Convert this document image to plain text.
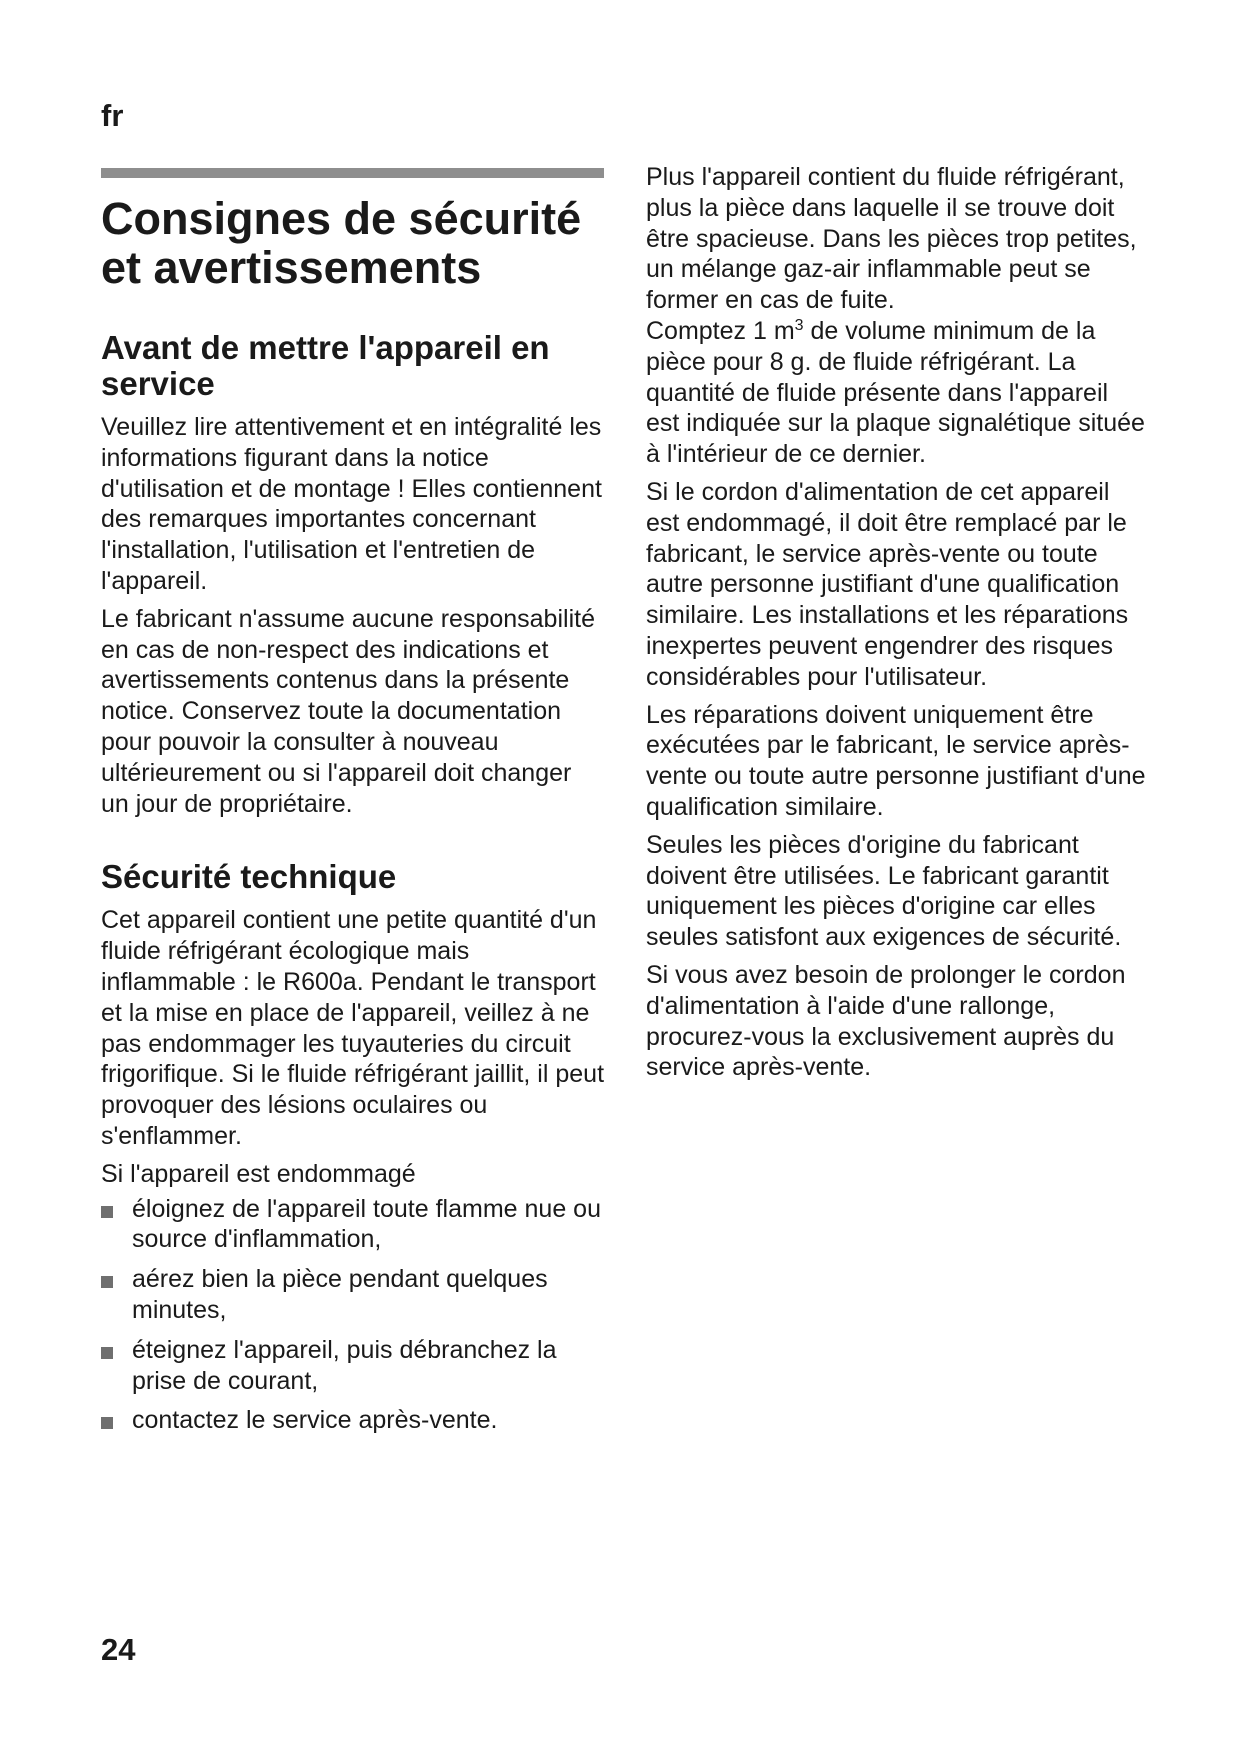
fr
Consignes de sécurité
et avertissements
Avant de mettre l'appareil en service

Veuillez lire attentivement et en intégralité les informations figurant dans la notice d'utilisation et de montage ! Elles contiennent des remarques importantes concernant l'installation, l'utilisation et l'entretien de l'appareil.

Le fabricant n'assume aucune responsabilité en cas de non-respect des indications et avertissements contenus dans la présente notice. Conservez toute la documentation pour pouvoir la consulter à nouveau ultérieurement ou si l'appareil doit changer un jour de propriétaire.

Sécurité technique

Cet appareil contient une petite quantité d'un fluide réfrigérant écologique mais inflammable : le R600a. Pendant le transport et la mise en place de l'appareil, veillez à ne pas endommager les tuyauteries du circuit frigorifique. Si le fluide réfrigérant jaillit, il peut provoquer des lésions oculaires ou s'enflammer.

Si l'appareil est endommagé

éloignez de l'appareil toute flamme nue ou source d'inflammation,
aérez bien la pièce pendant quelques minutes,
éteignez l'appareil, puis débranchez la prise de courant,
contactez le service après-vente.

Plus l'appareil contient du fluide réfrigérant, plus la pièce dans laquelle il se trouve doit être spacieuse. Dans les pièces trop petites, un mélange gaz-air inflammable peut se former en cas de fuite.

Comptez 1 $m^3$ de volume minimum de la pièce pour 8 g. de fluide réfrigérant. La quantité de fluide présente dans l'appareil est indiquée sur la plaque signalétique située à l'intérieur de ce dernier.

Si le cordon d'alimentation de cet appareil est endommagé, il doit être remplacé par le fabricant, le service après-vente ou toute autre personne justifiant d'une qualification similaire. Les installations et les réparations inexpertes peuvent engendrer des risques considérables pour l'utilisateur.

Les réparations doivent uniquement être exécutées par le fabricant, le service après-vente ou toute autre personne justifiant d'une qualification similaire.

Seules les pièces d'origine du fabricant doivent être utilisées. Le fabricant garantit uniquement les pièces d'origine car elles seules satisfont aux exigences de sécurité.

Si vous avez besoin de prolonger le cordon d'alimentation à l'aide d'une rallonge, procurez-vous la exclusivement auprès du service après-vente.

24
